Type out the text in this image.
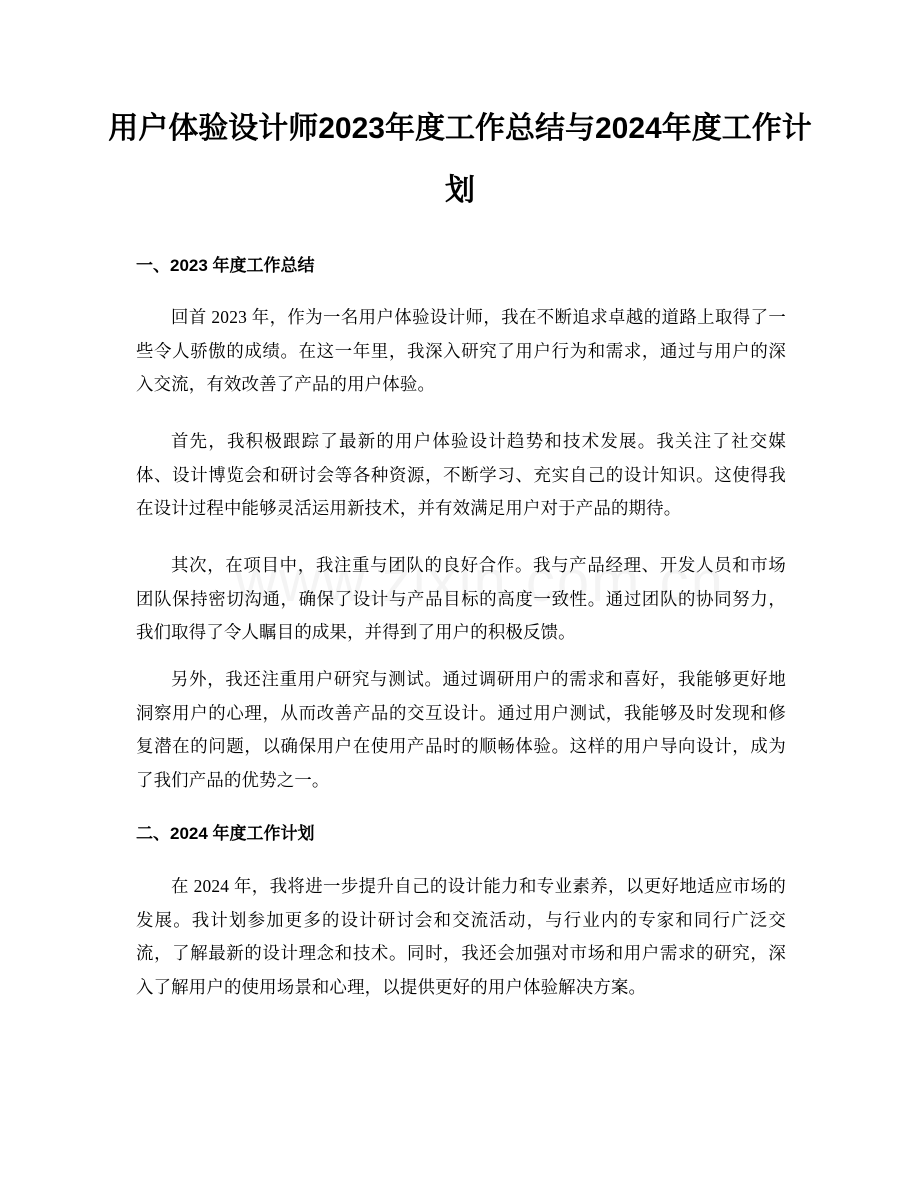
用户体验设计师2023年度工作总结与2024年度工作计划
一、2023 年度工作总结

回首 2023 年，作为一名用户体验设计师，我在不断追求卓越的道路上取得了一些令人骄傲的成绩。在这一年里，我深入研究了用户行为和需求，通过与用户的深入交流，有效改善了产品的用户体验。

首先，我积极跟踪了最新的用户体验设计趋势和技术发展。我关注了社交媒体、设计博览会和研讨会等各种资源，不断学习、充实自己的设计知识。这使得我在设计过程中能够灵活运用新技术，并有效满足用户对于产品的期待。

其次，在项目中，我注重与团队的良好合作。我与产品经理、开发人员和市场团队保持密切沟通，确保了设计与产品目标的高度一致性。通过团队的协同努力，我们取得了令人瞩目的成果，并得到了用户的积极反馈。

另外，我还注重用户研究与测试。通过调研用户的需求和喜好，我能够更好地洞察用户的心理，从而改善产品的交互设计。通过用户测试，我能够及时发现和修复潜在的问题，以确保用户在使用产品时的顺畅体验。这样的用户导向设计，成为了我们产品的优势之一。

二、2024 年度工作计划

在 2024 年，我将进一步提升自己的设计能力和专业素养，以更好地适应市场的发展。我计划参加更多的设计研讨会和交流活动，与行业内的专家和同行广泛交流，了解最新的设计理念和技术。同时，我还会加强对市场和用户需求的研究，深入了解用户的使用场景和心理，以提供更好的用户体验解决方案。
